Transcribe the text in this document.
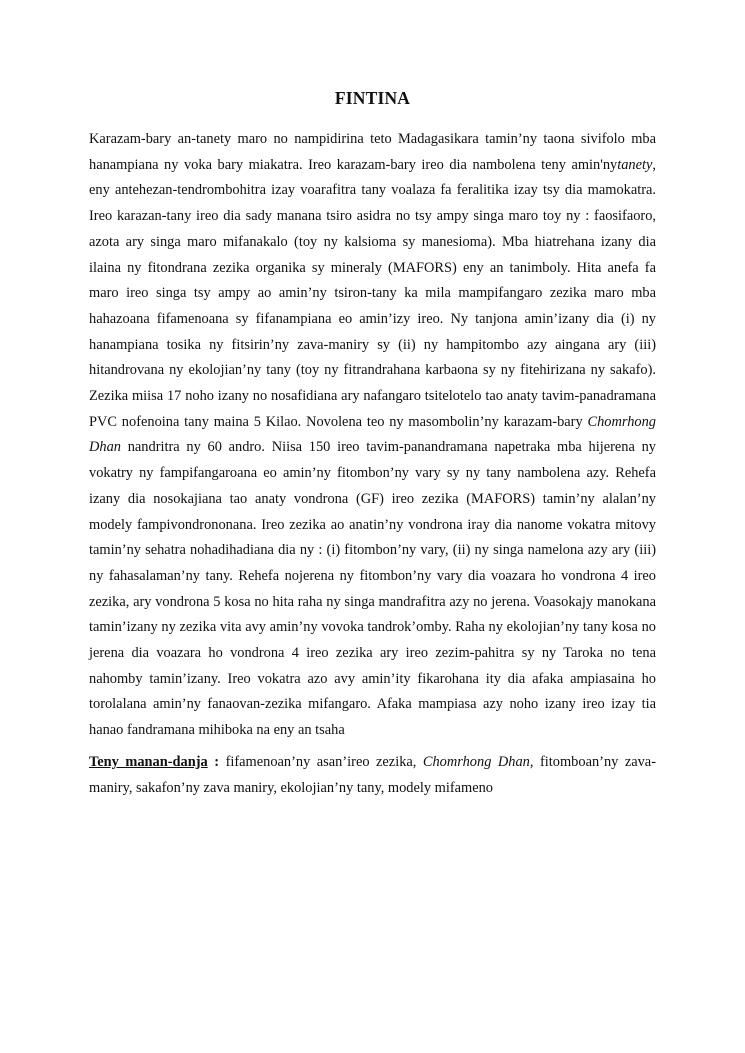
FINTINA

Karazam-bary an-tanety maro no nampidirina teto Madagasikara tamin’ny taona sivifolo mba hanampiana ny voka bary miakatra. Ireo karazam-bary ireo dia nambolena teny amin'nytanety, eny antehezan-tendrombohitra izay voarafitra tany voalaza fa feralitika izay tsy dia mamokatra. Ireo karazan-tany ireo dia sady manana tsiro asidra no tsy ampy singa maro toy ny : faosifaoro, azota ary singa maro mifanakalo (toy ny kalsioma sy manesioma). Mba hiatrehana izany dia ilaina ny fitondrana zezika organika sy mineraly (MAFORS) eny an tanimboly. Hita anefa fa maro ireo singa tsy ampy ao amin’ny tsiron-tany ka mila mampifangaro zezika maro mba hahazoana fifamenoana sy fifanampiana eo amin’izy ireo. Ny tanjona amin’izany dia (i) ny hanampiana tosika ny fitsirin’ny zava-maniry sy (ii) ny hampitombo azy aingana ary (iii) hitandrovana ny ekolojian’ny tany (toy ny fitrandrahana karbaona sy ny fitehirizana ny sakafo). Zezika miisa 17 noho izany no nosafidiana ary nafangaro tsitelotelo tao anaty tavim-panadramana PVC nofenoina tany maina 5 Kilao. Novolena teo ny masombolin’ny karazam-bary Chomrhong Dhan nandritra ny 60 andro. Niisa 150 ireo tavim-panandramana napetraka mba hijerena ny vokatry ny fampifangaroana eo amin’ny fitombon’ny vary sy ny tany nambolena azy. Rehefa izany dia nosokajiana tao anaty vondrona (GF) ireo zezika (MAFORS) tamin’ny alalan’ny modely fampivondrononana. Ireo zezika ao anatin’ny vondrona iray dia nanome vokatra mitovy tamin’ny sehatra nohadihadiana dia ny : (i) fitombon’ny vary, (ii) ny singa namelona azy ary (iii) ny fahasalaman’ny tany. Rehefa nojerena ny fitombon’ny vary dia voazara ho vondrona 4 ireo zezika, ary vondrona 5 kosa no hita raha ny singa mandrafitra azy no jerena. Voasokajy manokana tamin’izany ny zezika vita avy amin’ny vovoka tandrok’omby. Raha ny ekolojian’ny tany kosa no jerena dia voazara ho vondrona 4 ireo zezika ary ireo zezim-pahitra sy ny Taroka no tena nahomby tamin’izany. Ireo vokatra azo avy amin’ity fikarohana ity dia afaka ampiasaina ho torolalana amin’ny fanaovan-zezika mifangaro. Afaka mampiasa azy noho izany ireo izay tia hanao fandramana mihiboka na eny an tsaha

Teny manan-danja : fifamenoan’ny asan’ireo zezika, Chomrhong Dhan, fitomboan’ny zava-maniry, sakafon’ny zava maniry, ekolojian’ny tany, modely mifameno
